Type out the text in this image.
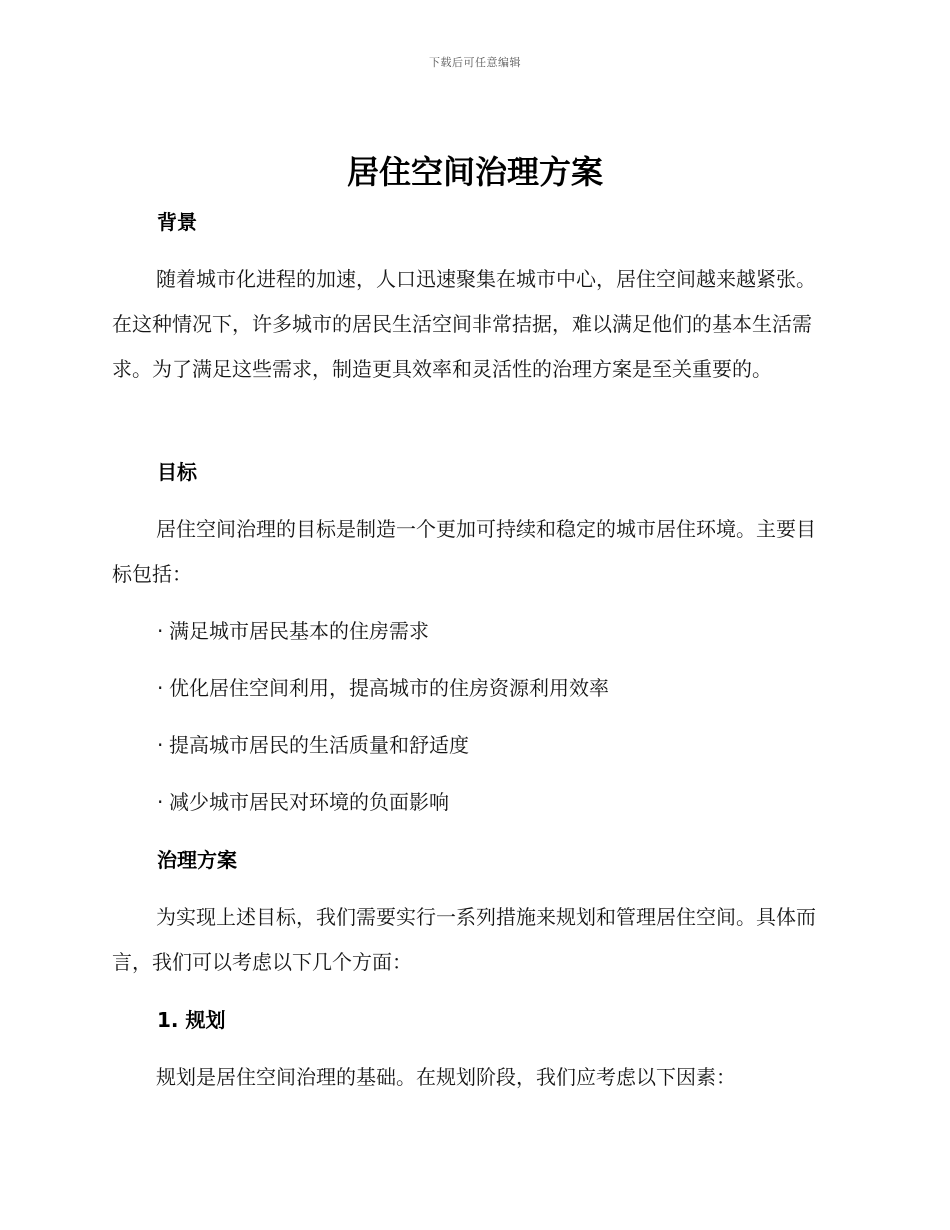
下载后可任意编辑
居住空间治理方案
背景

随着城市化进程的加速，人口迅速聚集在城市中心，居住空间越来越紧张。在这种情况下，许多城市的居民生活空间非常拮据，难以满足他们的基本生活需求。为了满足这些需求，制造更具效率和灵活性的治理方案是至关重要的。

目标

居住空间治理的目标是制造一个更加可持续和稳定的城市居住环境。主要目标包括：

· 满足城市居民基本的住房需求
· 优化居住空间利用，提高城市的住房资源利用效率
· 提高城市居民的生活质量和舒适度
· 减少城市居民对环境的负面影响
治理方案

为实现上述目标，我们需要实行一系列措施来规划和管理居住空间。具体而言，我们可以考虑以下几个方面：

1. 规划

规划是居住空间治理的基础。在规划阶段，我们应考虑以下因素：
